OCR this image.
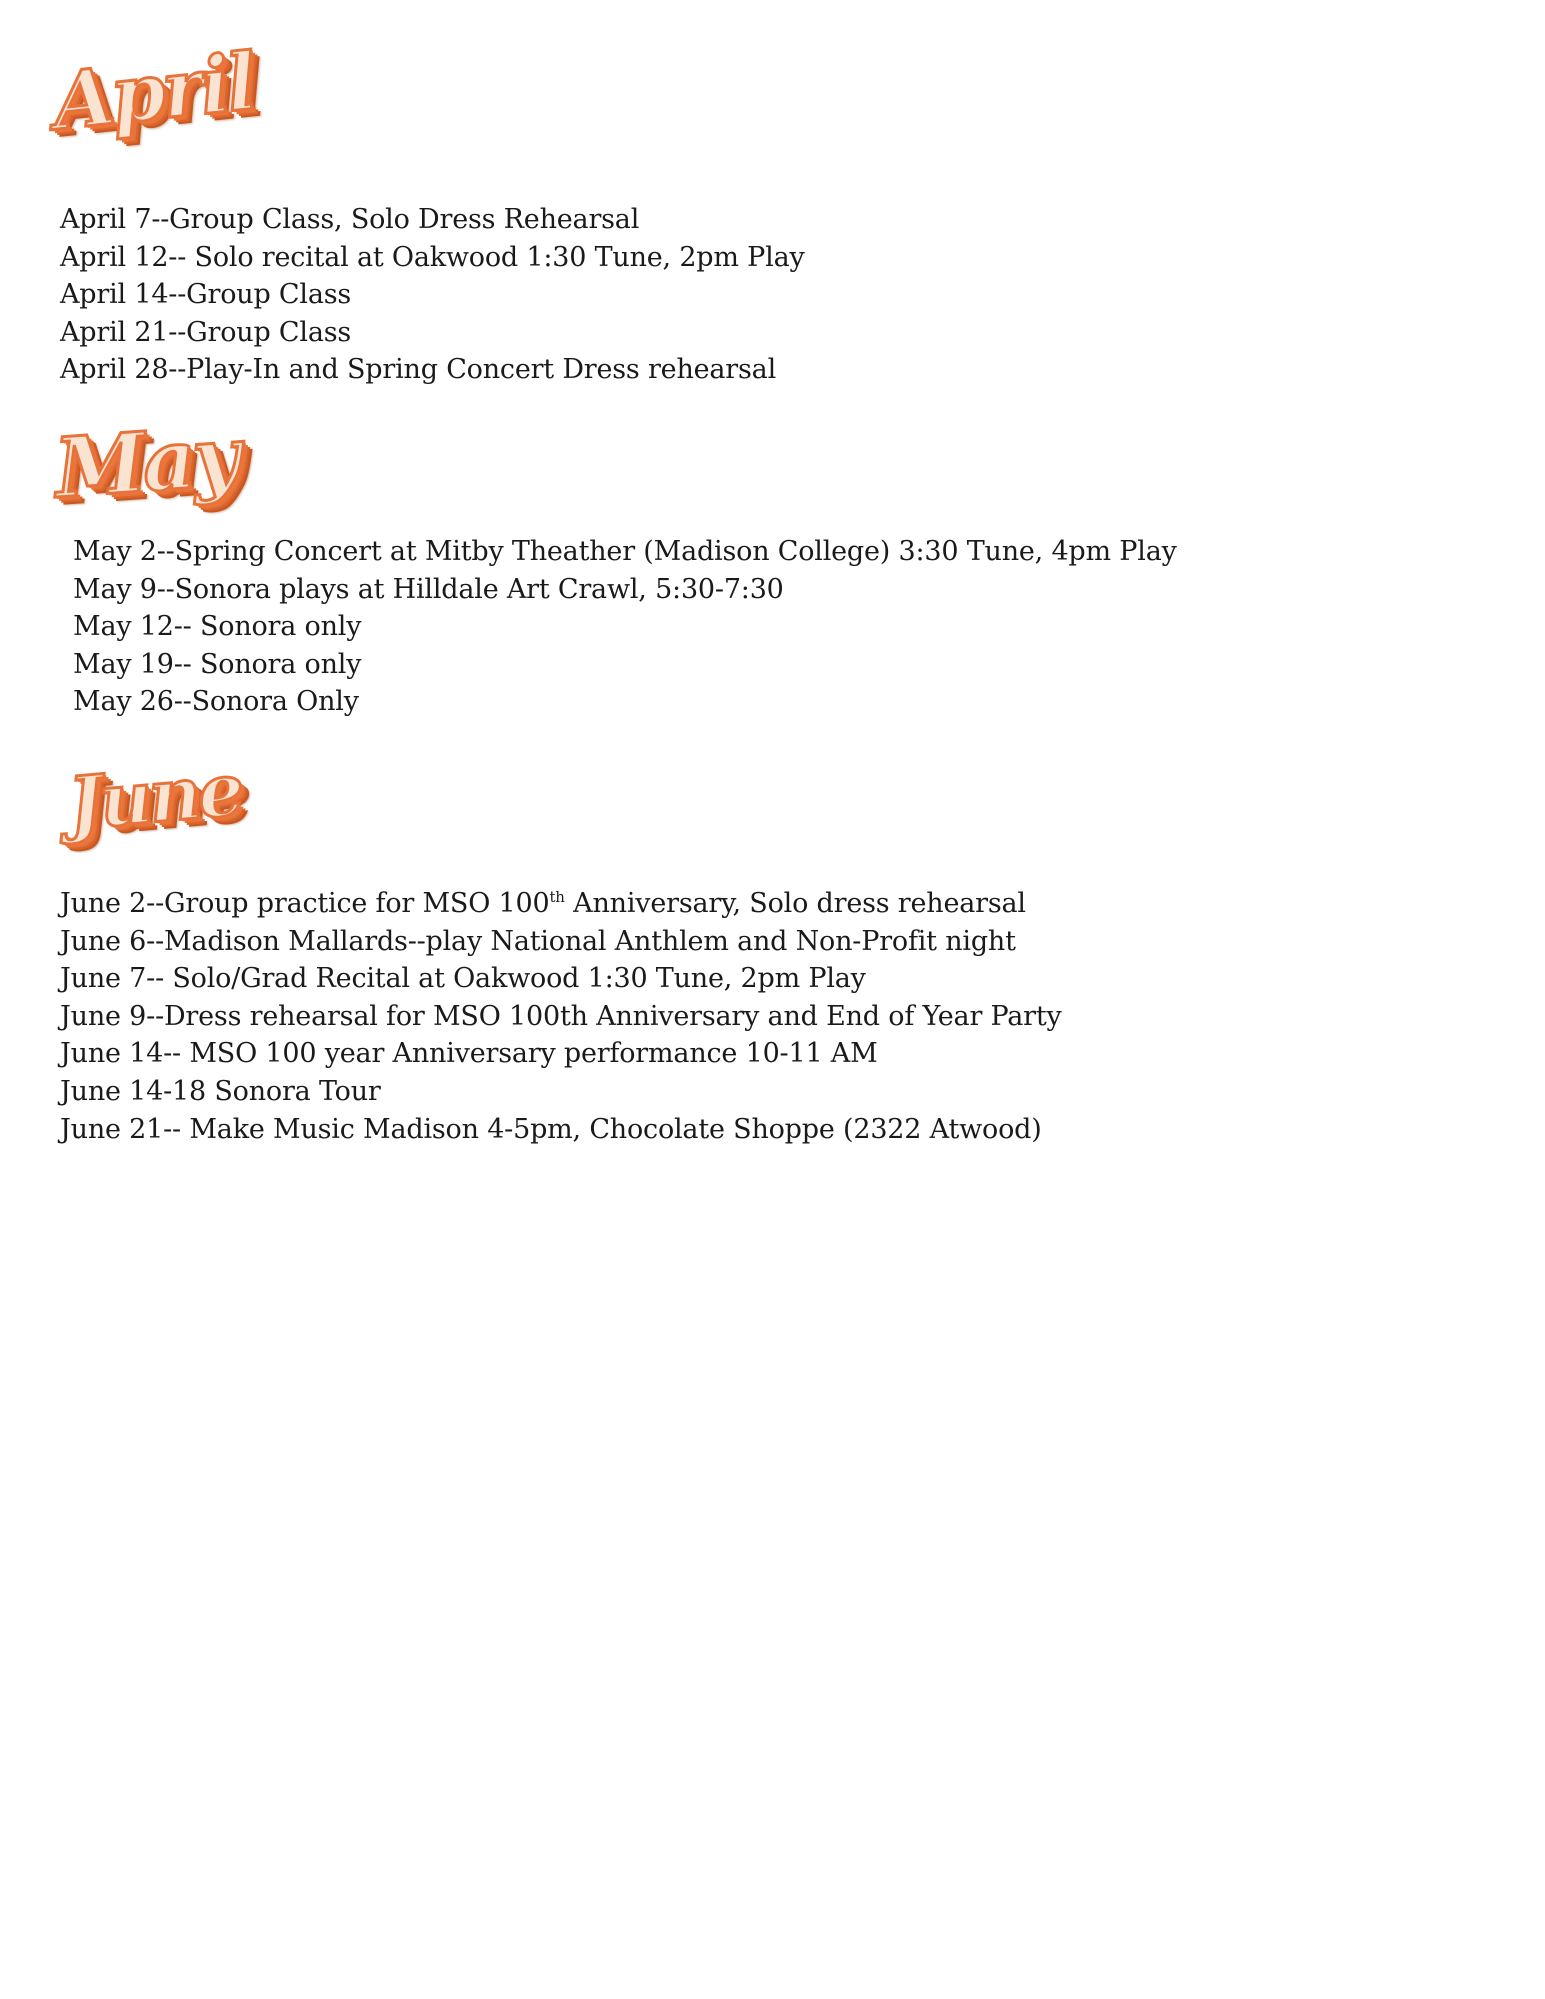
April
April 7--Group Class, Solo Dress Rehearsal
April 12-- Solo recital at Oakwood 1:30 Tune, 2pm Play
April 14--Group Class
April 21--Group Class
April 28--Play-In and Spring Concert Dress rehearsal
May
May 2--Spring Concert at Mitby Theather (Madison College) 3:30 Tune, 4pm Play
May 9--Sonora plays at Hilldale Art Crawl, 5:30-7:30
May 12-- Sonora only
May 19-- Sonora only
May 26--Sonora Only
June
June 2--Group practice for MSO 100th Anniversary, Solo dress rehearsal
June 6--Madison Mallards--play National Anthlem and Non-Profit night
June 7-- Solo/Grad Recital at Oakwood 1:30 Tune, 2pm Play
June 9--Dress rehearsal for MSO 100th Anniversary and End of Year Party
June 14-- MSO 100 year Anniversary performance 10-11 AM
June 14-18 Sonora Tour
June 21-- Make Music Madison 4-5pm, Chocolate Shoppe (2322 Atwood)
